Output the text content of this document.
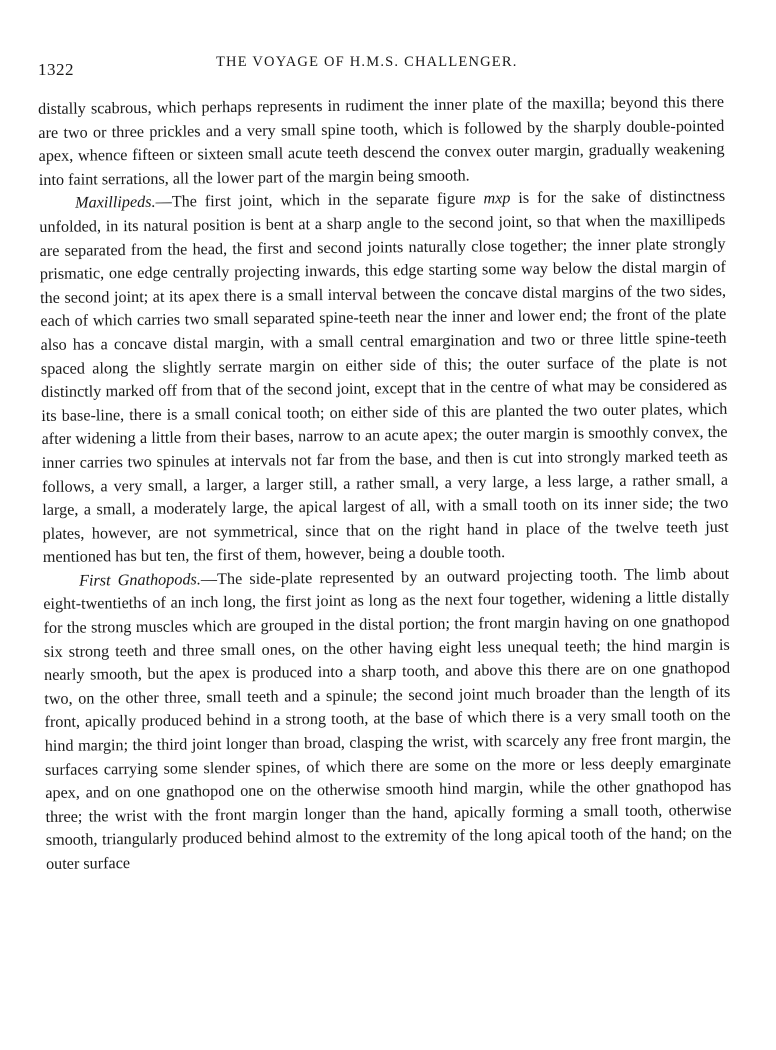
1322	THE VOYAGE OF H.M.S. CHALLENGER.

distally scabrous, which perhaps represents in rudiment the inner plate of the maxilla; beyond this there are two or three prickles and a very small spine tooth, which is followed by the sharply double-pointed apex, whence fifteen or sixteen small acute teeth descend the convex outer margin, gradually weakening into faint serrations, all the lower part of the margin being smooth.

Maxillipeds.—The first joint, which in the separate figure mxp is for the sake of distinctness unfolded, in its natural position is bent at a sharp angle to the second joint, so that when the maxillipeds are separated from the head, the first and second joints naturally close together; the inner plate strongly prismatic, one edge centrally projecting inwards, this edge starting some way below the distal margin of the second joint; at its apex there is a small interval between the concave distal margins of the two sides, each of which carries two small separated spine-teeth near the inner and lower end; the front of the plate also has a concave distal margin, with a small central emargination and two or three little spine-teeth spaced along the slightly serrate margin on either side of this; the outer surface of the plate is not distinctly marked off from that of the second joint, except that in the centre of what may be considered as its base-line, there is a small conical tooth; on either side of this are planted the two outer plates, which after widening a little from their bases, narrow to an acute apex; the outer margin is smoothly convex, the inner carries two spinules at intervals not far from the base, and then is cut into strongly marked teeth as follows, a very small, a larger, a larger still, a rather small, a very large, a less large, a rather small, a large, a small, a moderately large, the apical largest of all, with a small tooth on its inner side; the two plates, however, are not symmetrical, since that on the right hand in place of the twelve teeth just mentioned has but ten, the first of them, however, being a double tooth.

First Gnathopods.—The side-plate represented by an outward projecting tooth. The limb about eight-twentieths of an inch long, the first joint as long as the next four together, widening a little distally for the strong muscles which are grouped in the distal portion; the front margin having on one gnathopod six strong teeth and three small ones, on the other having eight less unequal teeth; the hind margin is nearly smooth, but the apex is produced into a sharp tooth, and above this there are on one gnathopod two, on the other three, small teeth and a spinule; the second joint much broader than the length of its front, apically produced behind in a strong tooth, at the base of which there is a very small tooth on the hind margin; the third joint longer than broad, clasping the wrist, with scarcely any free front margin, the surfaces carrying some slender spines, of which there are some on the more or less deeply emarginate apex, and on one gnathopod one on the otherwise smooth hind margin, while the other gnathopod has three; the wrist with the front margin longer than the hand, apically forming a small tooth, otherwise smooth, triangularly produced behind almost to the extremity of the long apical tooth of the hand; on the outer surface
